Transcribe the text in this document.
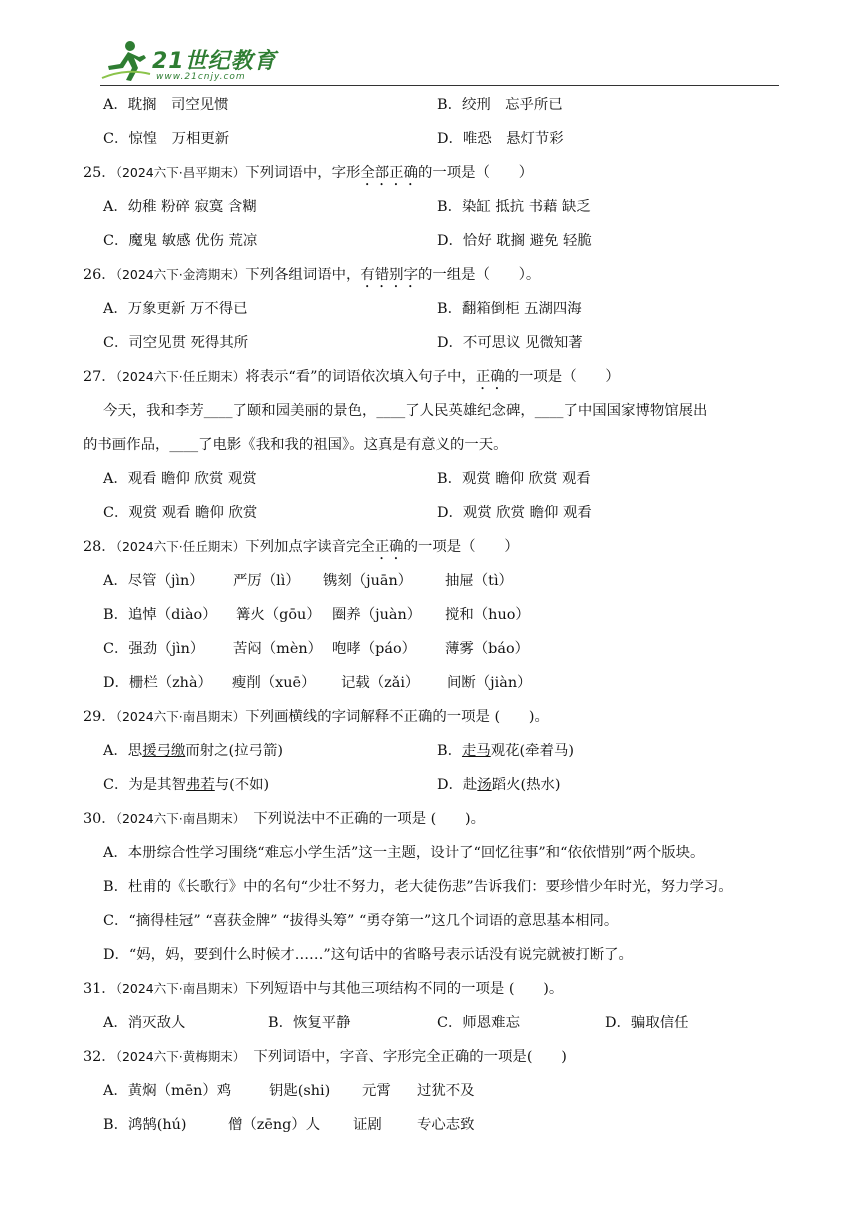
21世纪教育
www.21cnjy.com
A．耽搁　司空见惯	B．绞刑　忘乎所已
C．惊惶　万相更新	D．唯恐　悬灯节彩
25．（2024六下·昌平期末）下列词语中，字形全部正确的一项是（　　）
A．幼稚 粉碎 寂寞 含糊	B．染缸 抵抗 书藉 缺乏
C．魔鬼 敏感 优伤 荒凉	D．恰好 耽搁 避免 轻脆
26．（2024六下·金湾期末）下列各组词语中，有错别字的一组是（　　）。
A．万象更新 万不得已	B．翻箱倒柜 五湖四海
C．司空见贯 死得其所	D．不可思议 见微知著
27．（2024六下·任丘期末）将表示“看”的词语依次填入句子中，正确的一项是（　　）
今天，我和李芳____了颐和园美丽的景色，____了人民英雄纪念碑，____了中国国家博物馆展出
的书画作品，____了电影《我和我的祖国》。这真是有意义的一天。
A．观看 瞻仰 欣赏 观赏	B．观赏 瞻仰 欣赏 观看
C．观赏 观看 瞻仰 欣赏	D．观赏 欣赏 瞻仰 观看
28．（2024六下·任丘期末）下列加点字读音完全正确的一项是（　　）
A．尽管（jìn） 严厉（lì） 镌刻（juān） 抽屉（tì）
B．追悼（diào） 篝火（gōu） 圈养（juàn） 搅和（huo）
C．强劲（jìn） 苦闷（mèn） 咆哮（páo） 薄雾（báo）
D．栅栏（zhà） 瘦削（xuē） 记载（zǎi） 间断（jiàn）
29．（2024六下·南昌期末）下列画横线的字词解释不正确的一项是 (　　)。
A．思援弓缴而射之(拉弓箭)	B．走马观花(牵着马)
C．为是其智弗若与(不如)	D．赴汤蹈火(热水)
30．（2024六下·南昌期末）　下列说法中不正确的一项是 (　　)。
A．本册综合性学习围绕“难忘小学生活”这一主题，设计了“回忆往事”和“依依惜别”两个版块。
B．杜甫的《长歌行》中的名句“少壮不努力，老大徒伤悲”告诉我们：要珍惜少年时光，努力学习。
C．“摘得桂冠” “喜获金牌” “拔得头筹” “勇夺第一”这几个词语的意思基本相同。
D．“妈，妈，要到什么时候才……”这句话中的省略号表示话没有说完就被打断了。
31．（2024六下·南昌期末）下列短语中与其他三项结构不同的一项是 (　　)。
A．消灭敌人	B．恢复平静	C．师恩难忘	D．骗取信任
32．（2024六下·黄梅期末）　下列词语中，字音、字形完全正确的一项是(　　)
A．黄焖（mēn）鸡	钥匙(shi) 元霄 过犹不及
B．鸿鹄(hú)	僧（zēng）人 证剧 专心志致
